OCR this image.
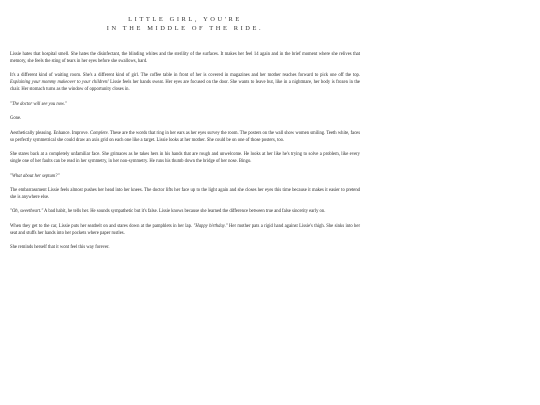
LITTLE GIRL, YOU'RE
IN THE MIDDLE OF THE RIDE.

Lissie hates that hospital smell. She hates the disinfectant, the blinding whites and the sterility of the surfaces. It makes her feel 14 again and in the brief moment where she relives that memory, she feels the sting of tears in her eyes before she swallows, hard.

It's a different kind of waiting room. She's a different kind of girl. The coffee table in front of her is covered in magazines and her mother reaches forward to pick one off the top. Explaining your mommy makeover to your children! Lissie feels her hands sweat. Her eyes are focused on the door. She wants to leave but, like in a nightmare, her body is frozen in the chair. Her stomach turns as the window of opportunity closes in.

"The doctor will see you now."

Gone.

Aesthetically pleasing. Enhance. Improve. Complete. These are the words that ring in her ears as her eyes survey the room. The posters on the wall show women smiling. Teeth white, faces so perfectly symmetrical she could draw an axis grid on each one like a target. Lissie looks at her mother. She could be on one of those posters, too.

She stares back at a completely unfamiliar face. She grimaces as he takes hers in his hands that are rough and unwelcome. He looks at her like he's trying to solve a problem, like every single one of her faults can be read in her symmetry, in her non-symmetry. He runs his thumb down the bridge of her nose. Bingo.

"What about her septum?"

The embarrassment Lissie feels almost pushes her head into her knees. The doctor lifts her face up to the light again and she closes her eyes this time because it makes it easier to pretend she is anywhere else.

"Oh, sweetheart." A bad habit, he tells her. He sounds sympathetic but it's false. Lissie knows because she learned the difference between true and false sincerity early on.

When they get to the car, Lissie puts her seatbelt on and stares down at the pamphlets in her lap. "Happy birthday." Her mother pats a rigid hand against Lissie's thigh. She sinks into her seat and stuffs her hands into her pockets where paper rustles.

She reminds herself that it wont feel this way forever.
